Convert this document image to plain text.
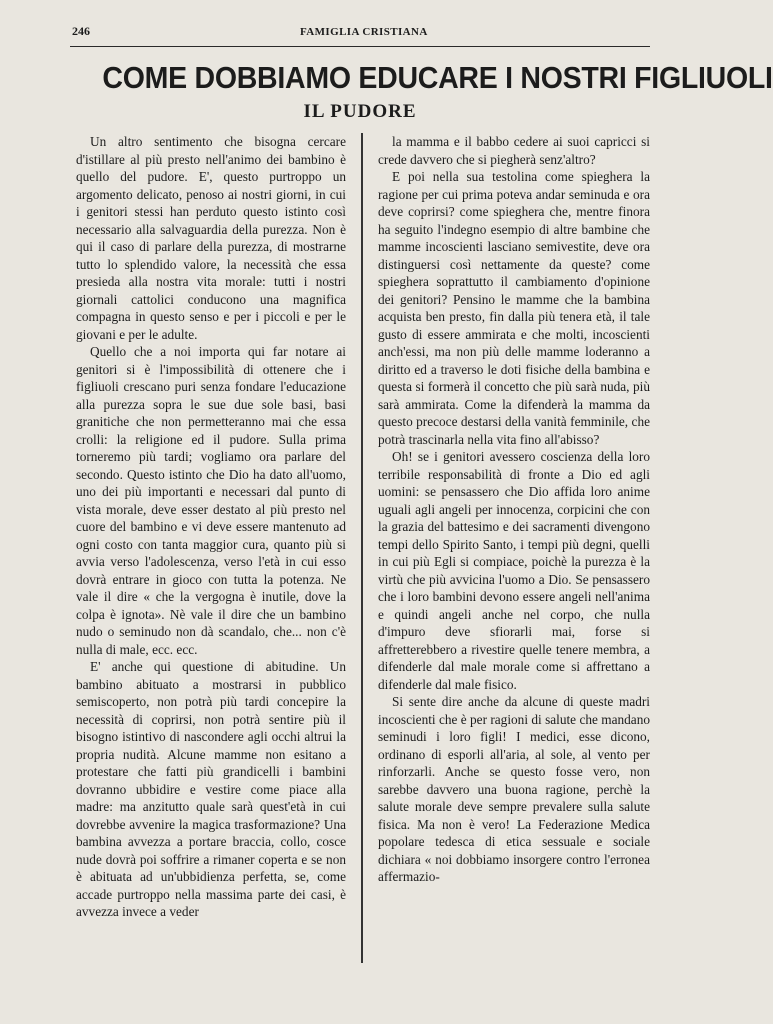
246	FAMIGLIA CRISTIANA
COME DOBBIAMO EDUCARE I NOSTRI FIGLIUOLI
IL PUDORE

Un altro sentimento che bisogna cercare d'istillare al più presto nell'animo dei bambino è quello del pudore. E', questo purtroppo un argomento delicato, penoso ai nostri giorni, in cui i genitori stessi han perduto questo istinto così necessario alla salvaguardia della purezza. Non è qui il caso di parlare della purezza, di mostrarne tutto lo splendido valore, la necessità che essa presieda alla nostra vita morale: tutti i nostri giornali cattolici conducono una magnifica compagna in questo senso e per i piccoli e per le giovani e per le adulte.

Quello che a noi importa qui far notare ai genitori si è l'impossibilità di ottenere che i figliuoli crescano puri senza fondare l'educazione alla purezza sopra le sue due sole basi, basi granitiche che non permetteranno mai che essa crolli: la religione ed il pudore. Sulla prima torneremo più tardi; vogliamo ora parlare del secondo. Questo istinto che Dio ha dato all'uomo, uno dei più importanti e necessari dal punto di vista morale, deve esser destato al più presto nel cuore del bambino e vi deve essere mantenuto ad ogni costo con tanta maggior cura, quanto più si avvia verso l'adolescenza, verso l'età in cui esso dovrà entrare in gioco con tutta la potenza. Ne vale il dire « che la vergogna è inutile, dove la colpa è ignota». Nè vale il dire che un bambino nudo o seminudo non dà scandalo, che... non c'è nulla di male, ecc. ecc.

E' anche qui questione di abitudine. Un bambino abituato a mostrarsi in pubblico semiscoperto, non potrà più tardi concepire la necessità di coprirsi, non potrà sentire più il bisogno istintivo di nascondere agli occhi altrui la propria nudità. Alcune mamme non esitano a protestare che fatti più grandicelli i bambini dovranno ubbidire e vestire come piace alla madre: ma anzitutto quale sarà quest'età in cui dovrebbe avvenire la magica trasformazione? Una bambina avvezza a portare braccia, collo, cosce nude dovrà poi soffrire a rimaner coperta e se non è abituata ad un'ubbidienza perfetta, se, come accade purtroppo nella massima parte dei casi, è avvezza invece a veder

la mamma e il babbo cedere ai suoi capricci si crede davvero che si piegherà senz'altro?

E poi nella sua testolina come spieghera la ragione per cui prima poteva andar seminuda e ora deve coprirsi? come spieghera che, mentre finora ha seguito l'indegno esempio di altre bambine che mamme incoscienti lasciano semivestite, deve ora distinguersi così nettamente da queste? come spieghera soprattutto il cambiamento d'opinione dei genitori? Pensino le mamme che la bambina acquista ben presto, fin dalla più tenera età, il tale gusto di essere ammirata e che molti, incoscienti anch'essi, ma non più delle mamme loderanno a diritto ed a traverso le doti fisiche della bambina e questa si formerà il concetto che più sarà nuda, più sarà ammirata. Come la difenderà la mamma da questo precoce destarsi della vanità femminile, che potrà trascinarla nella vita fino all'abisso?

Oh! se i genitori avessero coscienza della loro terribile responsabilità di fronte a Dio ed agli uomini: se pensassero che Dio affida loro anime uguali agli angeli per innocenza, corpicini che con la grazia del battesimo e dei sacramenti divengono tempi dello Spirito Santo, i tempi più degni, quelli in cui più Egli si compiace, poichè la purezza è la virtù che più avvicina l'uomo a Dio. Se pensassero che i loro bambini devono essere angeli nell'anima e quindi angeli anche nel corpo, che nulla d'impuro deve sfiorarli mai, forse si affretterebbero a rivestire quelle tenere membra, a difenderle dal male morale come si affrettano a difenderle dal male fisico.

Si sente dire anche da alcune di queste madri incoscienti che è per ragioni di salute che mandano seminudi i loro figli! I medici, esse dicono, ordinano di esporli all'aria, al sole, al vento per rinforzarli. Anche se questo fosse vero, non sarebbe davvero una buona ragione, perchè la salute morale deve sempre prevalere sulla salute fisica. Ma non è vero! La Federazione Medica popolare tedesca di etica sessuale e sociale dichiara « noi dobbiamo insorgere contro l'erronea affermazio-
